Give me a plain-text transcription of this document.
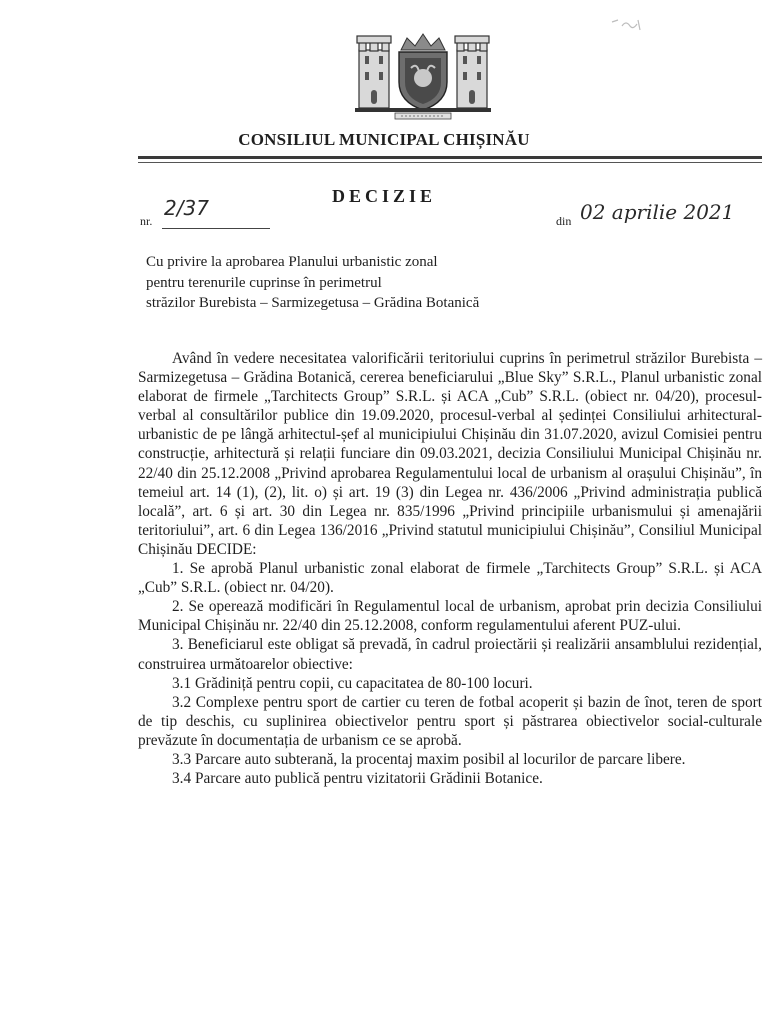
CONSILIUL MUNICIPAL CHIȘINĂU
DECIZIE
nr.
2/37
din 02 aprilie 2021
Cu privire la aprobarea Planului urbanistic zonal
pentru terenurile cuprinse în perimetrul
străzilor Burebista – Sarmizegetusa – Grădina Botanică

Având în vedere necesitatea valorificării teritoriului cuprins în perimetrul străzilor Burebista – Sarmizegetusa – Grădina Botanică, cererea beneficiarului „Blue Sky” S.R.L., Planul urbanistic zonal elaborat de firmele „Tarchitects Group” S.R.L. și ACA „Cub” S.R.L. (obiect nr. 04/20), procesul-verbal al consultărilor publice din 19.09.2020, procesul-verbal al ședinței Consiliului arhitectural-urbanistic de pe lângă arhitectul-șef al municipiului Chișinău din 31.07.2020, avizul Comisiei pentru construcție, arhitectură și relații funciare din 09.03.2021, decizia Consiliului Municipal Chișinău nr. 22/40 din 25.12.2008 „Privind aprobarea Regulamentului local de urbanism al orașului Chișinău”, în temeiul art. 14 (1), (2), lit. o) și art. 19 (3) din Legea nr. 436/2006 „Privind administrația publică locală”, art. 6 și art. 30 din Legea nr. 835/1996 „Privind principiile urbanismului și amenajării teritoriului”, art. 6 din Legea 136/2016 „Privind statutul municipiului Chișinău”, Consiliul Municipal Chișinău DECIDE:

1. Se aprobă Planul urbanistic zonal elaborat de firmele „Tarchitects Group” S.R.L. și ACA „Cub” S.R.L. (obiect nr. 04/20).

2. Se operează modificări în Regulamentul local de urbanism, aprobat prin decizia Consiliului Municipal Chișinău nr. 22/40 din 25.12.2008, conform regulamentului aferent PUZ-ului.

3. Beneficiarul este obligat să prevadă, în cadrul proiectării și realizării ansamblului rezidențial, construirea următoarelor obiective:

3.1 Grădiniță pentru copii, cu capacitatea de 80-100 locuri.

3.2 Complexe pentru sport de cartier cu teren de fotbal acoperit și bazin de înot, teren de sport de tip deschis, cu suplinirea obiectivelor pentru sport și păstrarea obiectivelor social-culturale prevăzute în documentația de urbanism ce se aprobă.

3.3 Parcare auto subterană, la procentaj maxim posibil al locurilor de parcare libere.

3.4 Parcare auto publică pentru vizitatorii Grădinii Botanice.
